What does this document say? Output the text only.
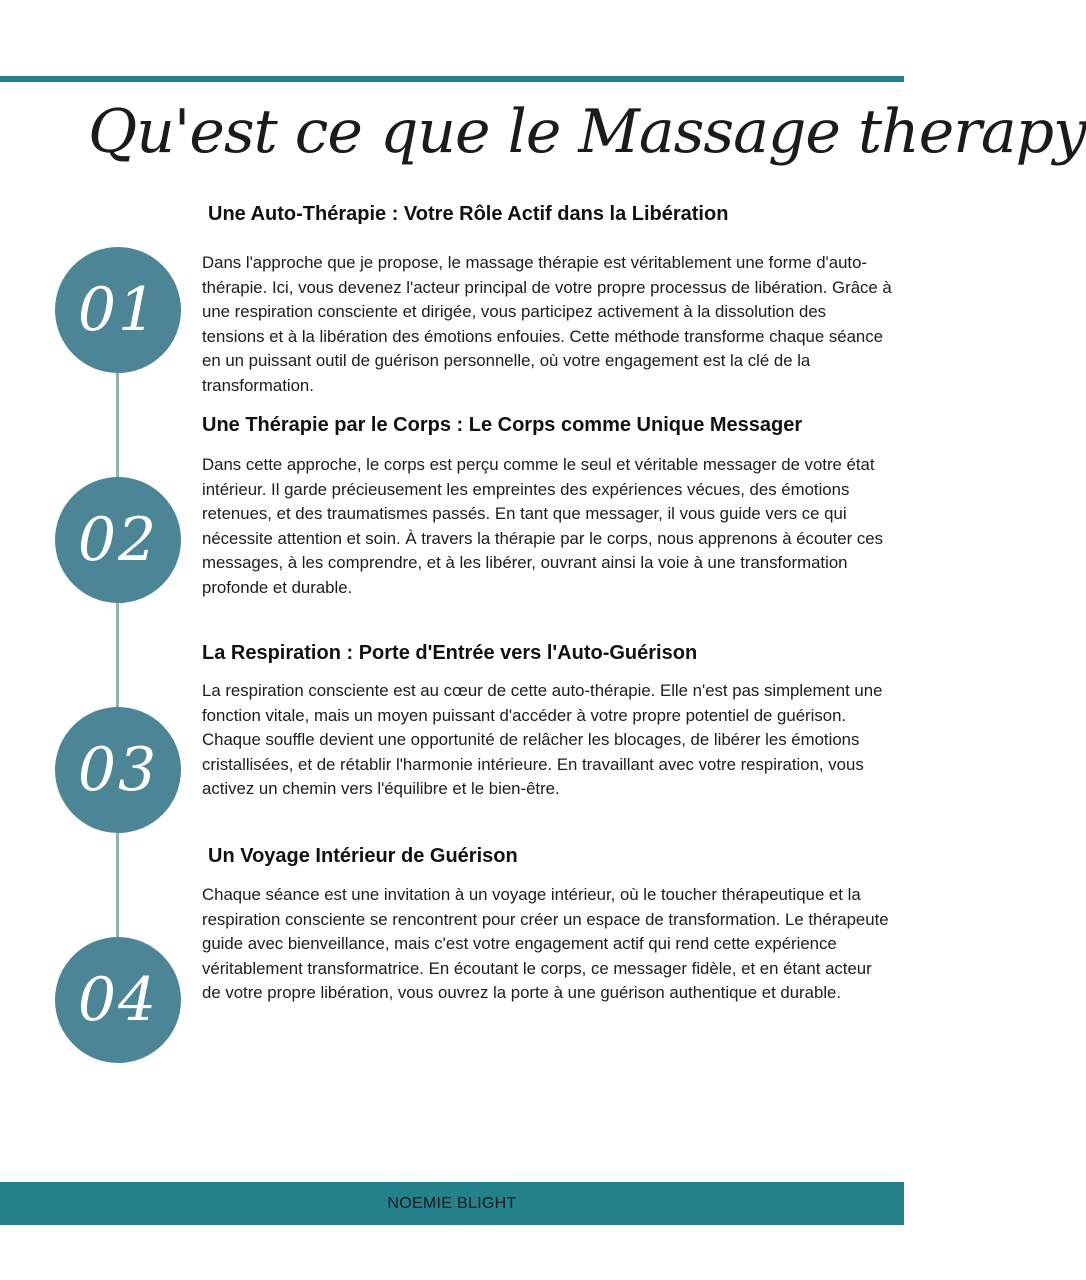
Qu'est ce que le Massage therapy
01
02
03
04
Une Auto-Thérapie : Votre Rôle Actif dans la Libération

Dans l'approche que je propose, le massage thérapie est véritablement une forme d'auto-thérapie. Ici, vous devenez l'acteur principal de votre propre processus de libération. Grâce à une respiration consciente et dirigée, vous participez activement à la dissolution des tensions et à la libération des émotions enfouies. Cette méthode transforme chaque séance en un puissant outil de guérison personnelle, où votre engagement est la clé de la transformation.

Une Thérapie par le Corps : Le Corps comme Unique Messager

Dans cette approche, le corps est perçu comme le seul et véritable messager de votre état intérieur. Il garde précieusement les empreintes des expériences vécues, des émotions retenues, et des traumatismes passés. En tant que messager, il vous guide vers ce qui nécessite attention et soin. À travers la thérapie par le corps, nous apprenons à écouter ces messages, à les comprendre, et à les libérer, ouvrant ainsi la voie à une transformation profonde et durable.

La Respiration : Porte d'Entrée vers l'Auto-Guérison

La respiration consciente est au cœur de cette auto-thérapie. Elle n'est pas simplement une fonction vitale, mais un moyen puissant d'accéder à votre propre potentiel de guérison. Chaque souffle devient une opportunité de relâcher les blocages, de libérer les émotions cristallisées, et de rétablir l'harmonie intérieure. En travaillant avec votre respiration, vous activez un chemin vers l'équilibre et le bien-être.

Un Voyage Intérieur de Guérison

Chaque séance est une invitation à un voyage intérieur, où le toucher thérapeutique et la respiration consciente se rencontrent pour créer un espace de transformation. Le thérapeute guide avec bienveillance, mais c'est votre engagement actif qui rend cette expérience véritablement transformatrice. En écoutant le corps, ce messager fidèle, et en étant acteur de votre propre libération, vous ouvrez la porte à une guérison authentique et durable.

NOEMIE BLIGHT
